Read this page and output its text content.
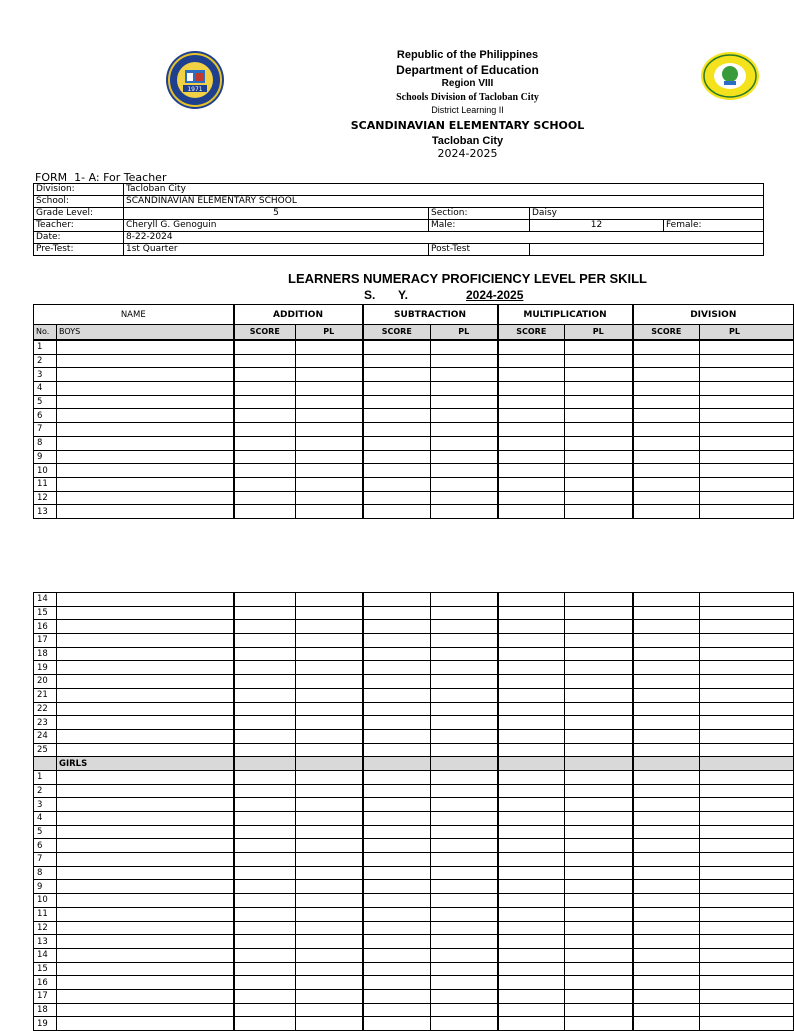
1971
Republic of the Philippines
Department of Education
Region VIII
Schools Division of Tacloban City
District Learning II
SCANDINAVIAN ELEMENTARY SCHOOL
Tacloban City
2024-2025
FORM  1- A: For Teacher
Division:	Tacloban City			
School:	SCANDINAVIAN ELEMENTARY SCHOOL			
Grade Level:	5	Section:	Daisy	
Teacher:	Cheryll G. Genoguin	Male:	12	Female:
Date:	8-22-2024			
Pre-Test:	1st Quarter	Post-Test		
LEARNERS NUMERACY PROFICIENCY LEVEL PER SKILL
S. Y.	2024-2025
NAME		ADDITION		SUBTRACTION		MULTIPLICATION		DIVISION	
No.	BOYS	SCORE	PL	SCORE	PL	SCORE	PL	SCORE	PL
1									
2									
3									
4									
5									
6									
7									
8									
9									
10									
11									
12									
13									
14									
15									
16									
17									
18									
19									
20									
21									
22									
23									
24									
25									
	GIRLS								
1									
2									
3									
4									
5									
6									
7									
8									
9									
10									
11									
12									
13									
14									
15									
16									
17									
18									
19									
